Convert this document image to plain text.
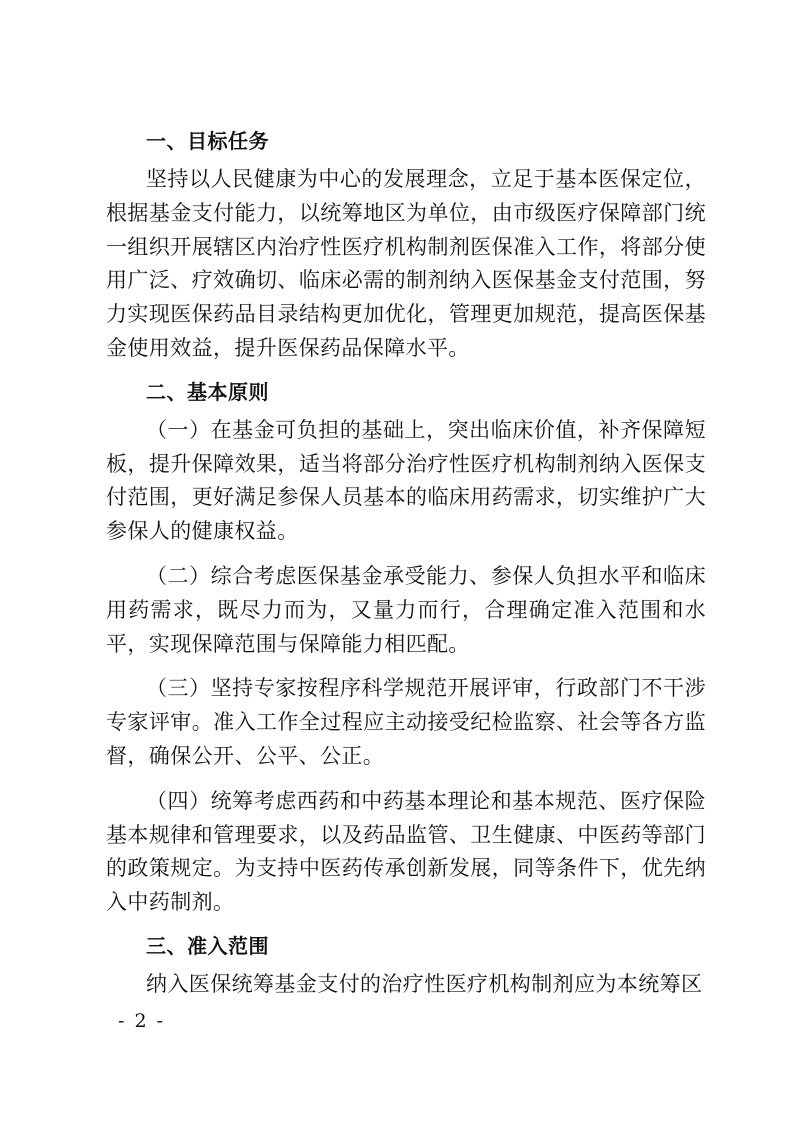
一、目标任务

坚持以人民健康为中心的发展理念，立足于基本医保定位，根据基金支付能力，以统筹地区为单位，由市级医疗保障部门统一组织开展辖区内治疗性医疗机构制剂医保准入工作，将部分使用广泛、疗效确切、临床必需的制剂纳入医保基金支付范围，努力实现医保药品目录结构更加优化，管理更加规范，提高医保基金使用效益，提升医保药品保障水平。

二、基本原则

（一）在基金可负担的基础上，突出临床价值，补齐保障短板，提升保障效果，适当将部分治疗性医疗机构制剂纳入医保支付范围，更好满足参保人员基本的临床用药需求，切实维护广大参保人的健康权益。

（二）综合考虑医保基金承受能力、参保人负担水平和临床用药需求，既尽力而为，又量力而行，合理确定准入范围和水平，实现保障范围与保障能力相匹配。

（三）坚持专家按程序科学规范开展评审，行政部门不干涉专家评审。准入工作全过程应主动接受纪检监察、社会等各方监督，确保公开、公平、公正。

（四）统筹考虑西药和中药基本理论和基本规范、医疗保险基本规律和管理要求，以及药品监管、卫生健康、中医药等部门的政策规定。为支持中医药传承创新发展，同等条件下，优先纳入中药制剂。

三、准入范围

纳入医保统筹基金支付的治疗性医疗机构制剂应为本统筹区

- 2 -
